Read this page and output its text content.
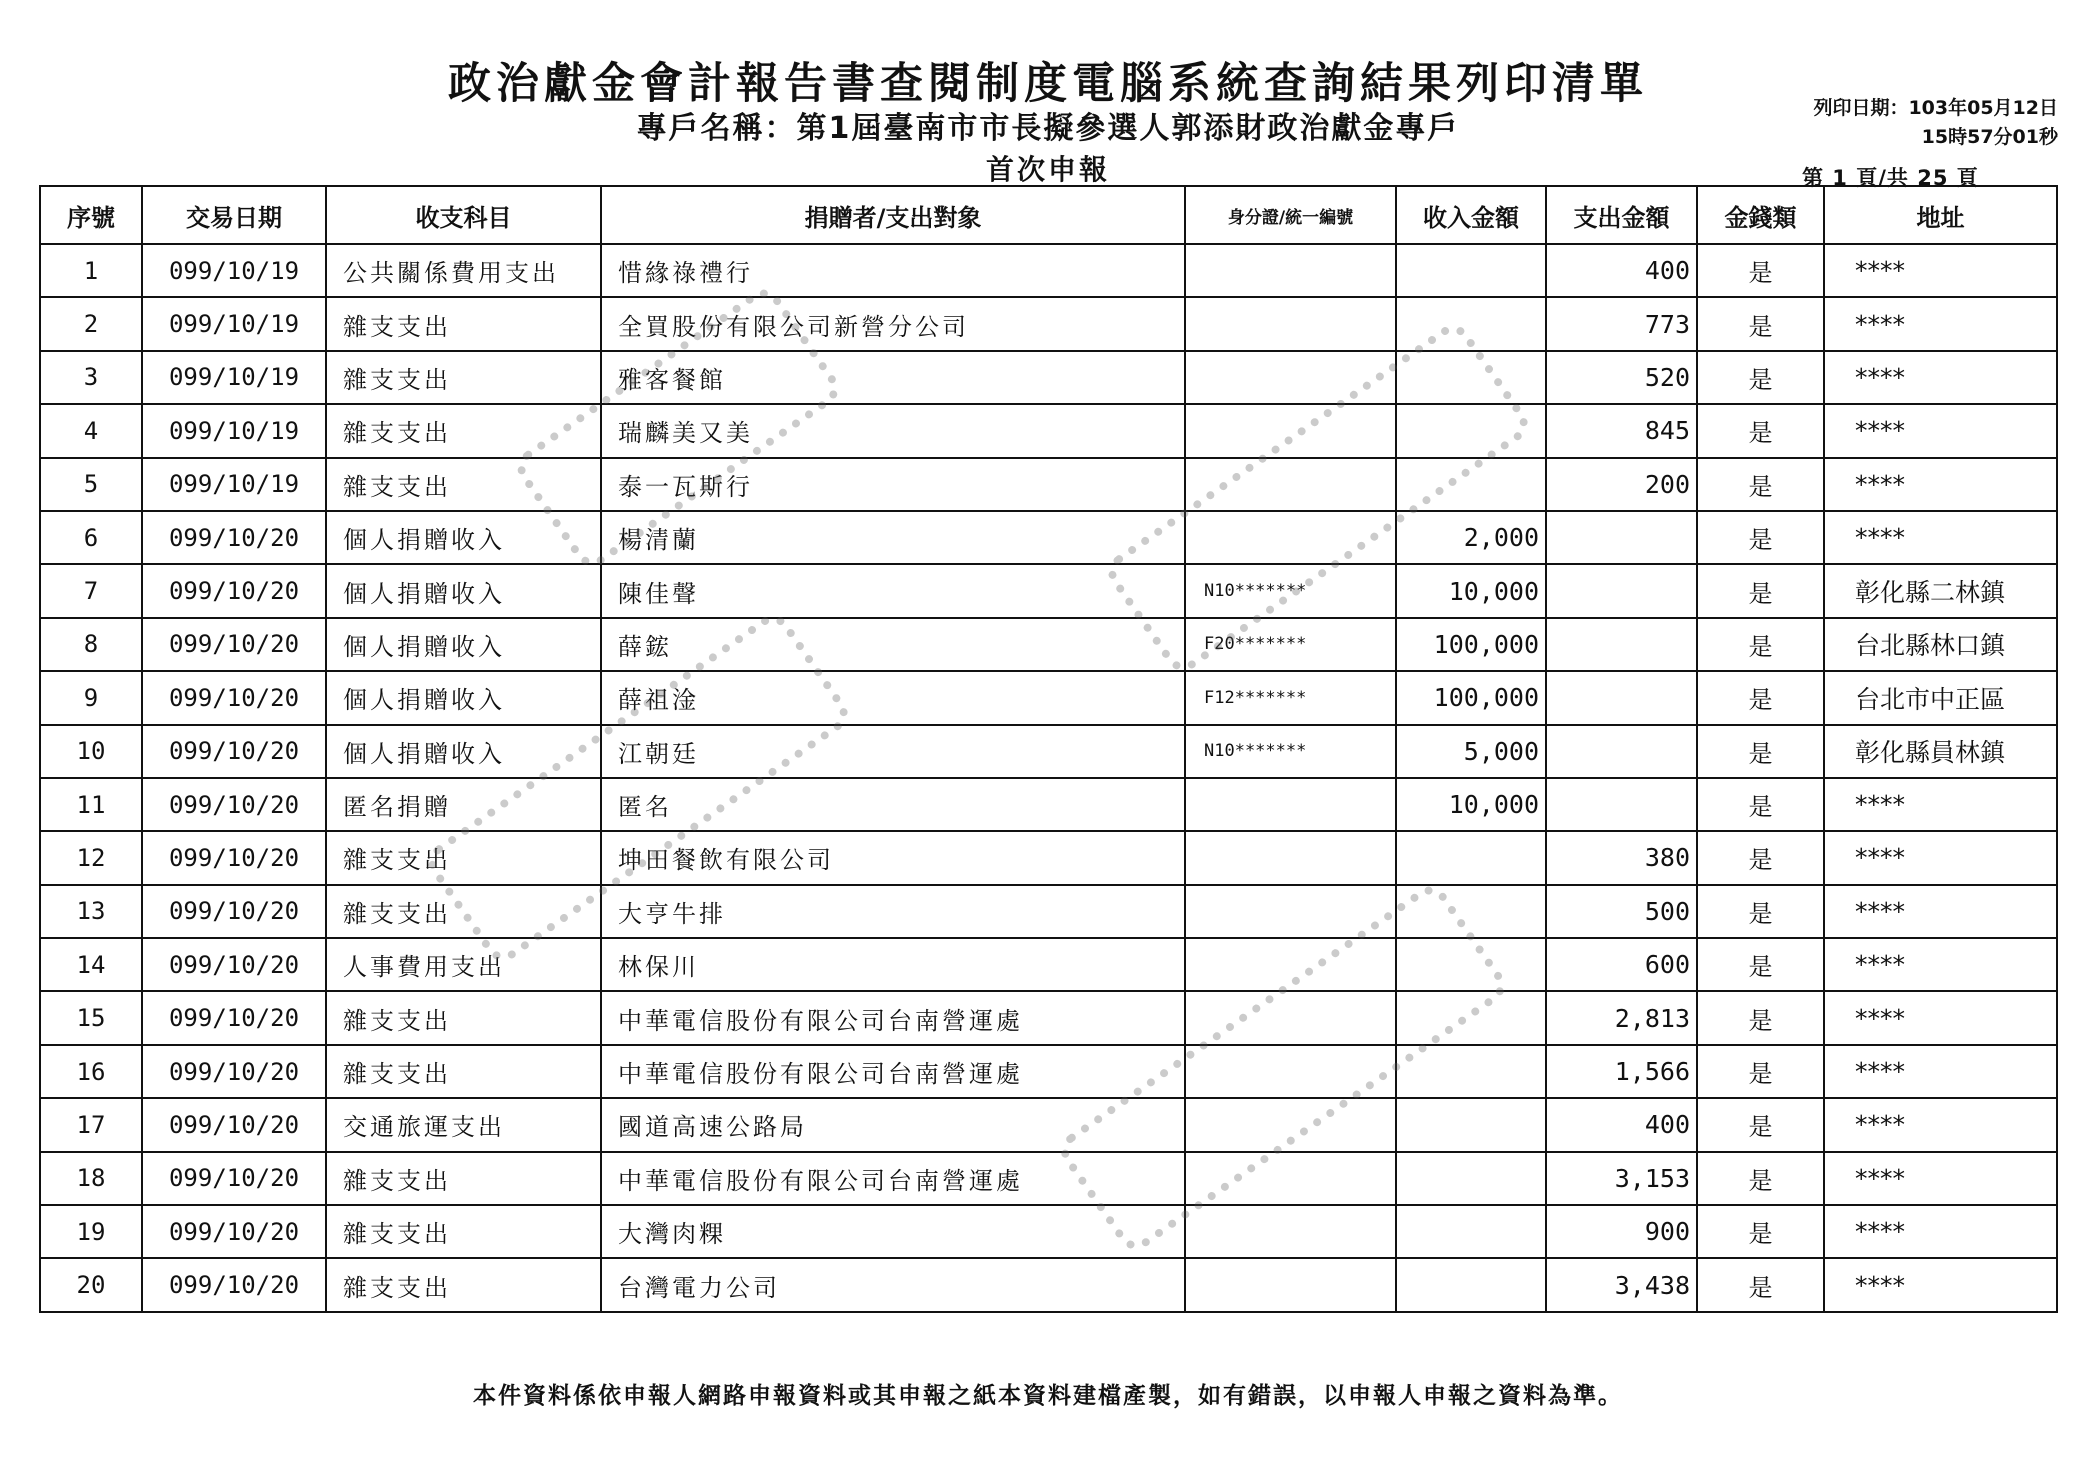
政治獻金會計報告書查閱制度電腦系統查詢結果列印清單
專戶名稱：第1屆臺南市市長擬參選人郭添財政治獻金專戶
首次申報
列印日期：103年05月12日
15時57分01秒
第 1 頁/共 25 頁
序號	交易日期	收支科目	捐贈者/支出對象	身分證/統一編號	收入金額	支出金額	金錢類	地址
1	099/10/19	公共關係費用支出	惜緣祿禮行			400	是	****
2	099/10/19	雜支支出	全買股份有限公司新營分公司			773	是	****
3	099/10/19	雜支支出	雅客餐館			520	是	****
4	099/10/19	雜支支出	瑞麟美又美			845	是	****
5	099/10/19	雜支支出	泰一瓦斯行			200	是	****
6	099/10/20	個人捐贈收入	楊清蘭		2,000		是	****
7	099/10/20	個人捐贈收入	陳佳聲	N10*******	10,000		是	彰化縣二林鎮
8	099/10/20	個人捐贈收入	薛鋐	F20*******	100,000		是	台北縣林口鎮
9	099/10/20	個人捐贈收入	薛祖淦	F12*******	100,000		是	台北市中正區
10	099/10/20	個人捐贈收入	江朝廷	N10*******	5,000		是	彰化縣員林鎮
11	099/10/20	匿名捐贈	匿名		10,000		是	****
12	099/10/20	雜支支出	坤田餐飲有限公司			380	是	****
13	099/10/20	雜支支出	大亨牛排			500	是	****
14	099/10/20	人事費用支出	林保川			600	是	****
15	099/10/20	雜支支出	中華電信股份有限公司台南營運處			2,813	是	****
16	099/10/20	雜支支出	中華電信股份有限公司台南營運處			1,566	是	****
17	099/10/20	交通旅運支出	國道高速公路局			400	是	****
18	099/10/20	雜支支出	中華電信股份有限公司台南營運處			3,153	是	****
19	099/10/20	雜支支出	大灣肉粿			900	是	****
20	099/10/20	雜支支出	台灣電力公司			3,438	是	****
本件資料係依申報人網路申報資料或其申報之紙本資料建檔產製，如有錯誤，以申報人申報之資料為準。
